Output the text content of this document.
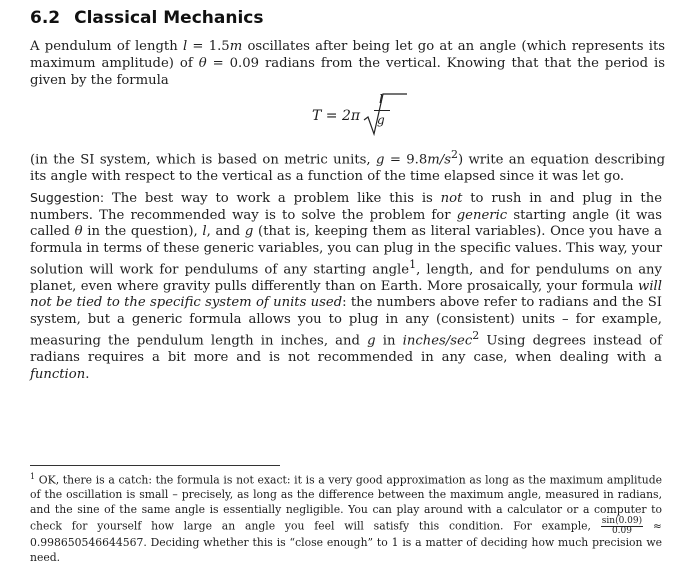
6.2 Classical Mechanics
A pendulum of length l = 1.5m oscillates after being let go at an angle (which represents its maximum amplitude) of θ = 0.09 radians from the vertical. Knowing that that the period is given by the formula
T = 2π
l
g
(in the SI system, which is based on metric units, $g = 9.8m/s^2$) write an equation describing its angle with respect to the vertical as a function of the time elapsed since it was let go.
Suggestion: The best way to work a problem like this is not to rush in and plug in the numbers. The recommended way is to solve the problem for generic starting angle (it was called θ in the question), l, and g (that is, keeping them as literal variables). Once you have a formula in terms of these generic variables, you can plug in the specific values. This way, your solution will work for pendulums of any starting angle$^1$, length, and for pendulums on any planet, even where gravity pulls differently than on Earth. More prosaically, your formula will not be tied to the specific system of units used: the numbers above refer to radians and the SI system, but a generic formula allows you to plug in any (consistent) units – for example, measuring the pendulum length in inches, and g in inches/$\sec^2$ Using degrees instead of radians requires a bit more and is not recommended in any case, when dealing with a function.
$^1$ OK, there is a catch: the formula is not exact: it is a very good approximation as long as the maximum amplitude of the oscillation is small – precisely, as long as the difference between the maximum angle, measured in radians, and the sine of the same angle is essentially negligible. You can play around with a calculator or a computer to check for yourself how large an angle you feel will satisfy this condition. For example, $\frac{\sin(0.09)}{0.09} \approx 0.998650546644567$. Deciding whether this is “close enough” to 1 is a matter of deciding how much precision we need.
